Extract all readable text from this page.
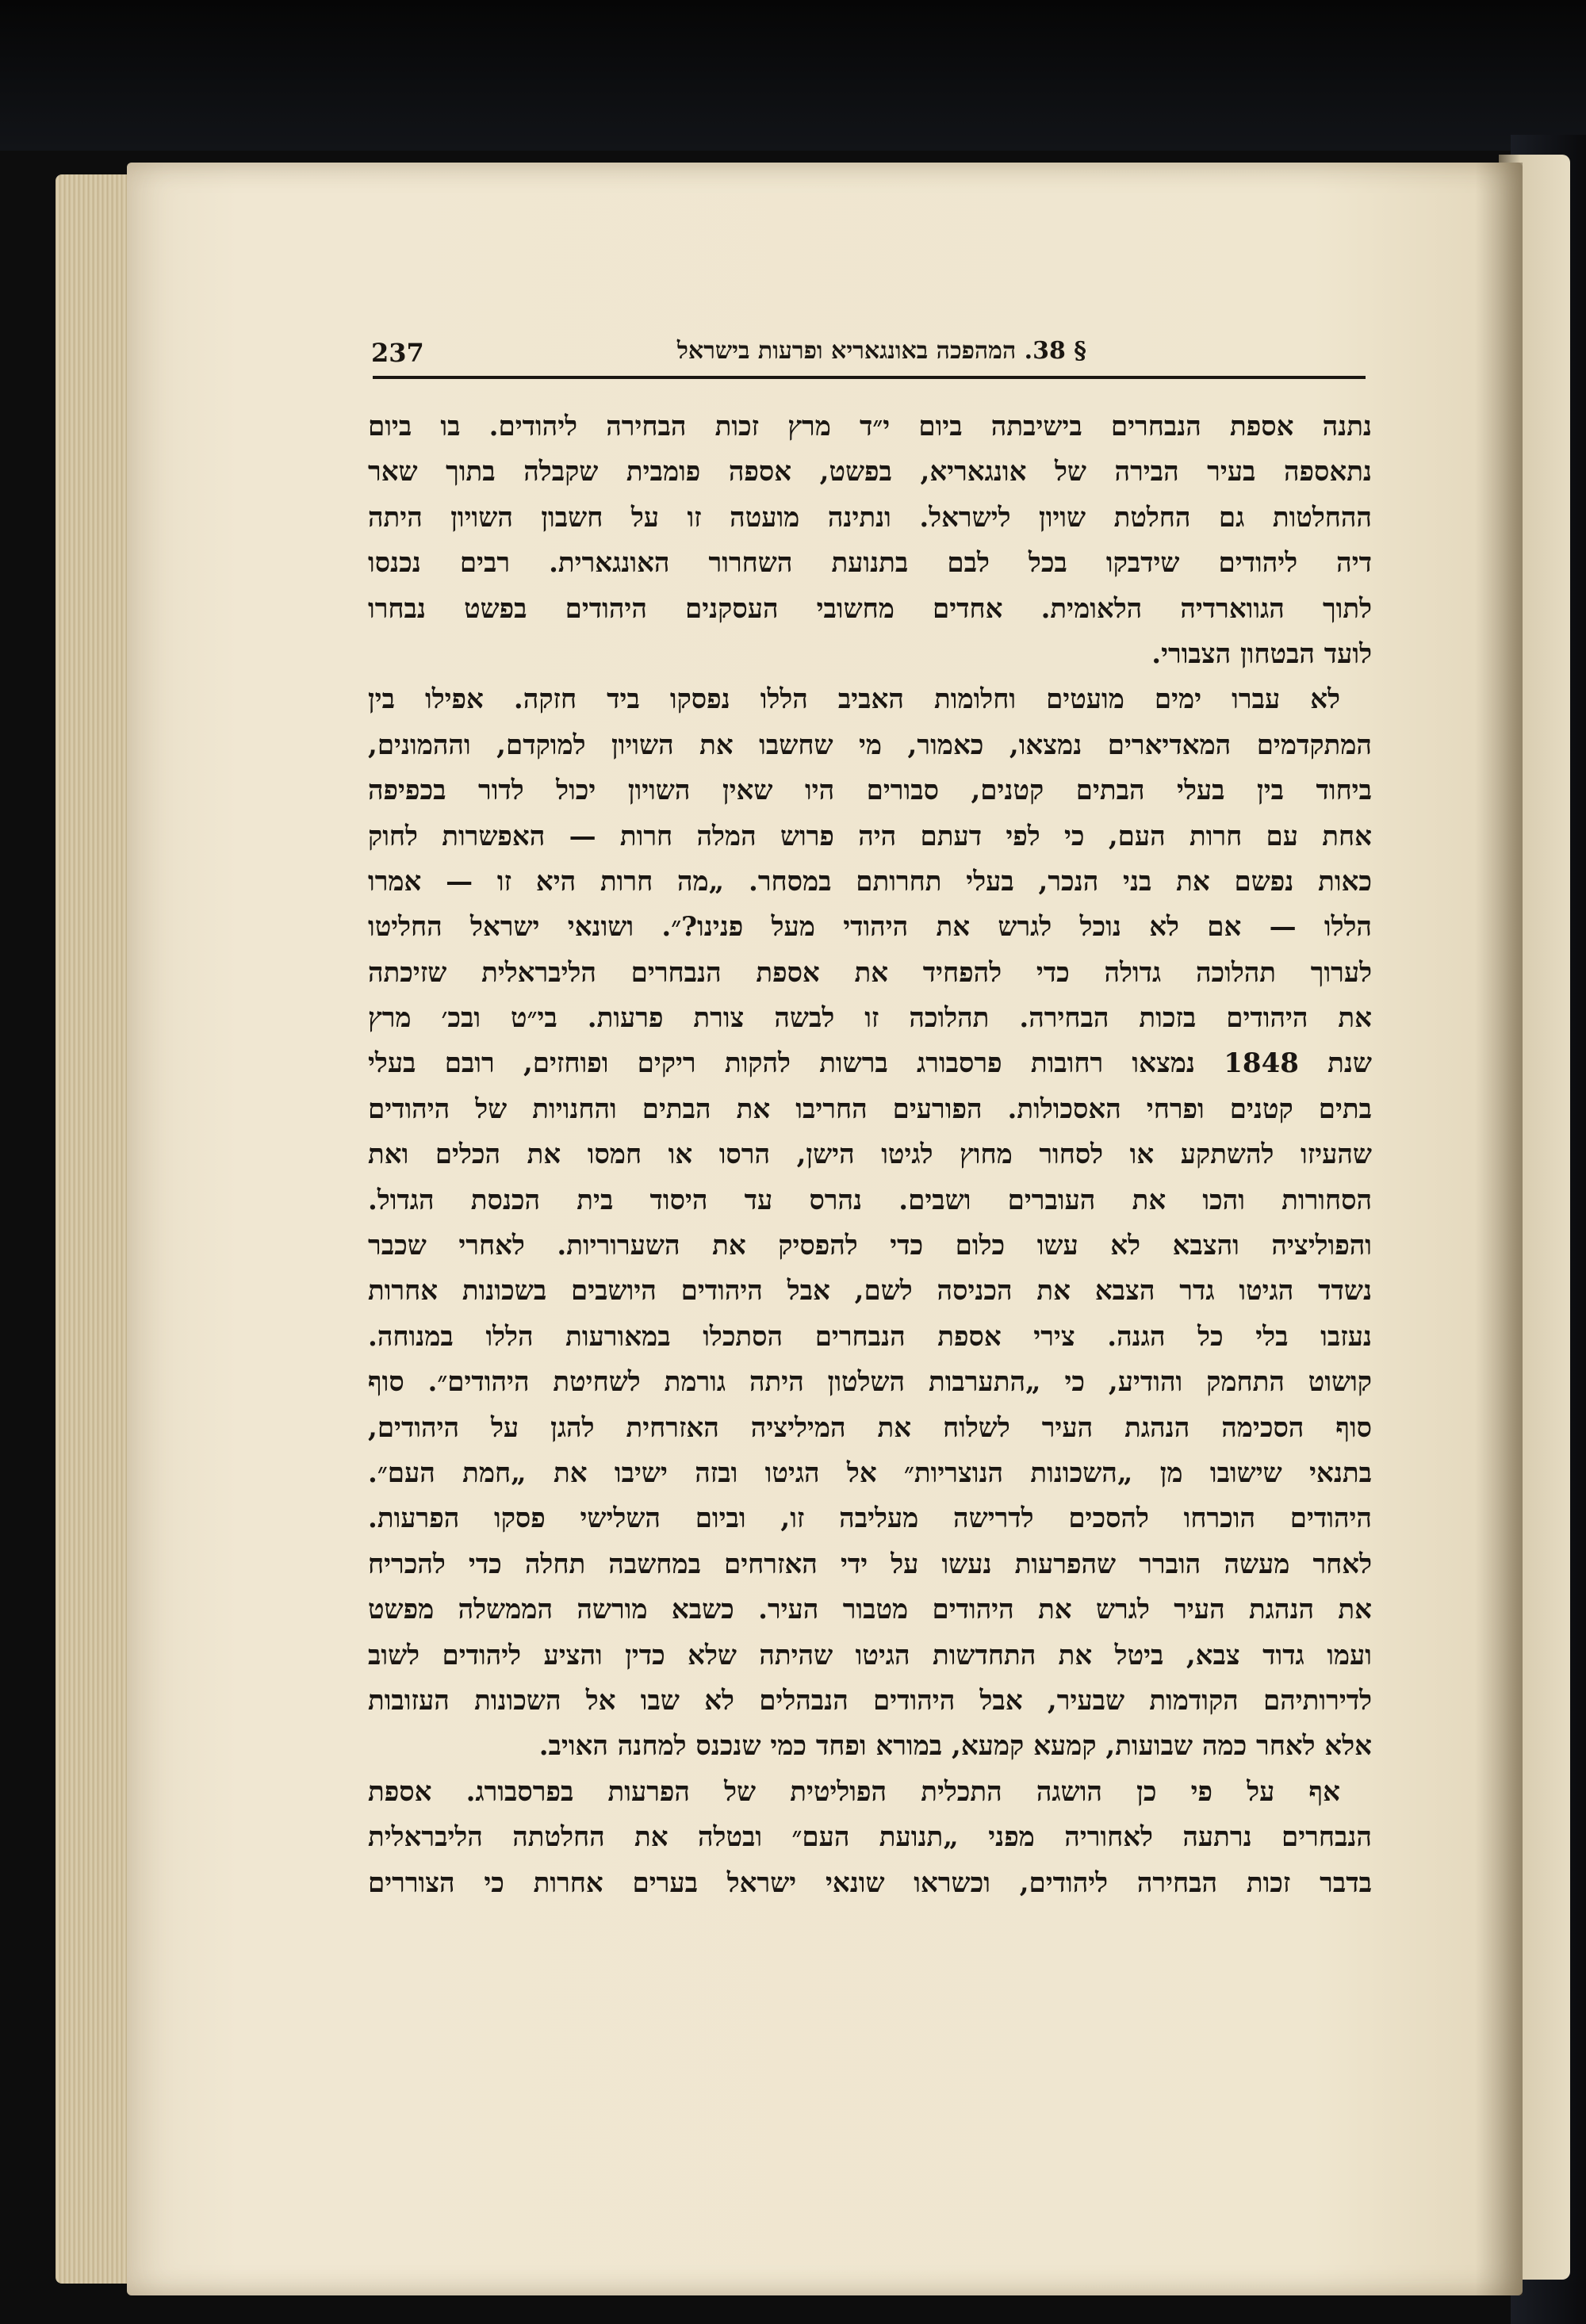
237	§ 38. המהפכה באונגאריא ופרעות בישראל
נתנה אספת הנבחרים בישיבתה ביום י״ד מרץ זכות הבחירה ליהודים. בו ביום
נתאספה בעיר הבירה של אונגאריא, בפשט, אספה פומבית שקבלה בתוך שאר
ההחלטות גם החלטת שויון לישראל. ונתינה מועטה זו על חשבון השויון היתה
דיה ליהודים שידבקו בכל לבם בתנועת השחרור האונגארית. רבים נכנסו
לתוך הגווארדיה הלאומית. אחדים מחשובי העסקנים היהודים בפשט נבחרו
לועד הבטחון הצבורי.
לא עברו ימים מועטים וחלומות האביב הללו נפסקו ביד חזקה. אפילו בין
המתקדמים המאדיארים נמצאו, כאמור, מי שחשבו את השויון למוקדם, וההמונים,
ביחוד בין בעלי הבתים קטנים, סבורים היו שאין השויון יכול לדור בכפיפה
אחת עם חרות העם, כי לפי דעתם היה פרוש המלה חרות — האפשרות לחוק
כאות נפשם את בני הנכר, בעלי תחרותם במסחר. „מה חרות היא זו — אמרו
הללו — אם לא נוכל לגרש את היהודי מעל פנינו?״. ושונאי ישראל החליטו
לערוך תהלוכה גדולה כדי להפחיד את אספת הנבחרים הליבראלית שזיכתה
את היהודים בזכות הבחירה. תהלוכה זו לבשה צורת פרעות. בי״ט ובכ׳ מרץ
שנת 1848 נמצאו רחובות פרסבורג ברשות להקות ריקים ופוחזים, רובם בעלי
בתים קטנים ופרחי האסכולות. הפורעים החריבו את הבתים והחנויות של היהודים
שהעיזו להשתקע או לסחור מחוץ לגיטו הישן, הרסו או חמסו את הכלים ואת
הסחורות והכו את העוברים ושבים. נהרס עד היסוד בית הכנסת הגדול.
והפוליציה והצבא לא עשו כלום כדי להפסיק את השערוריות. לאחרי שכבר
נשדד הגיטו גדר הצבא את הכניסה לשם, אבל היהודים היושבים בשכונות אחרות
נעזבו בלי כל הגנה. צירי אספת הנבחרים הסתכלו במאורעות הללו במנוחה.
קושוט התחמק והודיע, כי „התערבות השלטון היתה גורמת לשחיטת היהודים״. סוף
סוף הסכימה הנהגת העיר לשלוח את המיליציה האזרחית להגן על היהודים,
בתנאי שישובו מן „השכונות הנוצריות״ אל הגיטו ובזה ישיבו את „חמת העם״.
היהודים הוכרחו להסכים לדרישה מעליבה זו, וביום השלישי פסקו הפרעות.
לאחר מעשה הוברר שהפרעות נעשו על ידי האזרחים במחשבה תחלה כדי להכריח
את הנהגת העיר לגרש את היהודים מטבור העיר. כשבא מורשה הממשלה מפשט
ועמו גדוד צבא, ביטל את התחדשות הגיטו שהיתה שלא כדין והציע ליהודים לשוב
לדירותיהם הקודמות שבעיר, אבל היהודים הנבהלים לא שבו אל השכונות העזובות
אלא לאחר כמה שבועות, קמעא קמעא, במורא ופחד כמי שנכנס למחנה האויב.
אף על פי כן הושגה התכלית הפוליטית של הפרעות בפרסבורג. אספת
הנבחרים נרתעה לאחוריה מפני „תנועת העם״ ובטלה את החלטתה הליבראלית
בדבר זכות הבחירה ליהודים, וכשראו שונאי ישראל בערים אחרות כי הצוררים
